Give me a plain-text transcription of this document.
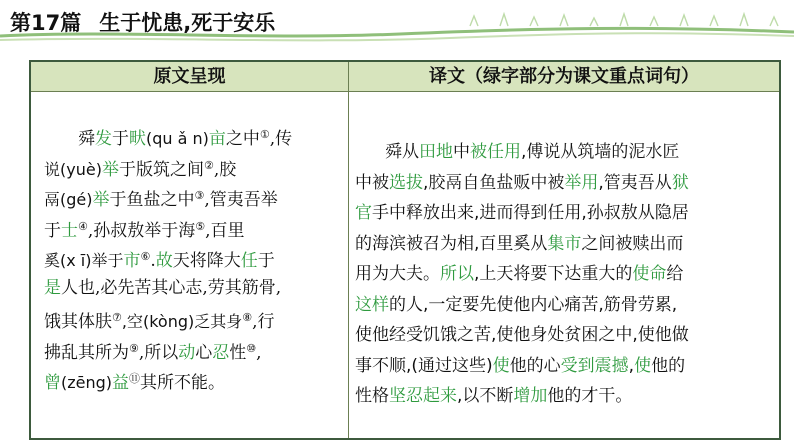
第17篇 生于忧患,死于安乐
原文呈现	译文（绿字部分为课文重点词句）
舜发于畎(qu ǎ n)亩之中①,传
说(yuè)举于版筑之间②,胶
鬲(gé)举于鱼盐之中③,管夷吾举
于士④,孙叔敖举于海⑤,百里
奚(x ī)举于市⑥.故天将降大任于
是人也,必先苦其心志,劳其筋骨,
饿其体肤⑦,空(kòng)乏其身⑧,行
拂乱其所为⑨,所以动心忍性⑩,
曾(zēng)益⑪其所不能。
舜从田地中被任用,傅说从筑墙的泥水匠
中被选拔,胶鬲自鱼盐贩中被举用,管夷吾从狱
官手中释放出来,进而得到任用,孙叔敖从隐居
的海滨被召为相,百里奚从集市之间被赎出而
用为大夫。所以,上天将要下达重大的使命给
这样的人,一定要先使他内心痛苦,筋骨劳累,
使他经受饥饿之苦,使他身处贫困之中,使他做
事不顺,(通过这些)使他的心受到震撼,使他的
性格坚忍起来,以不断增加他的才干。
